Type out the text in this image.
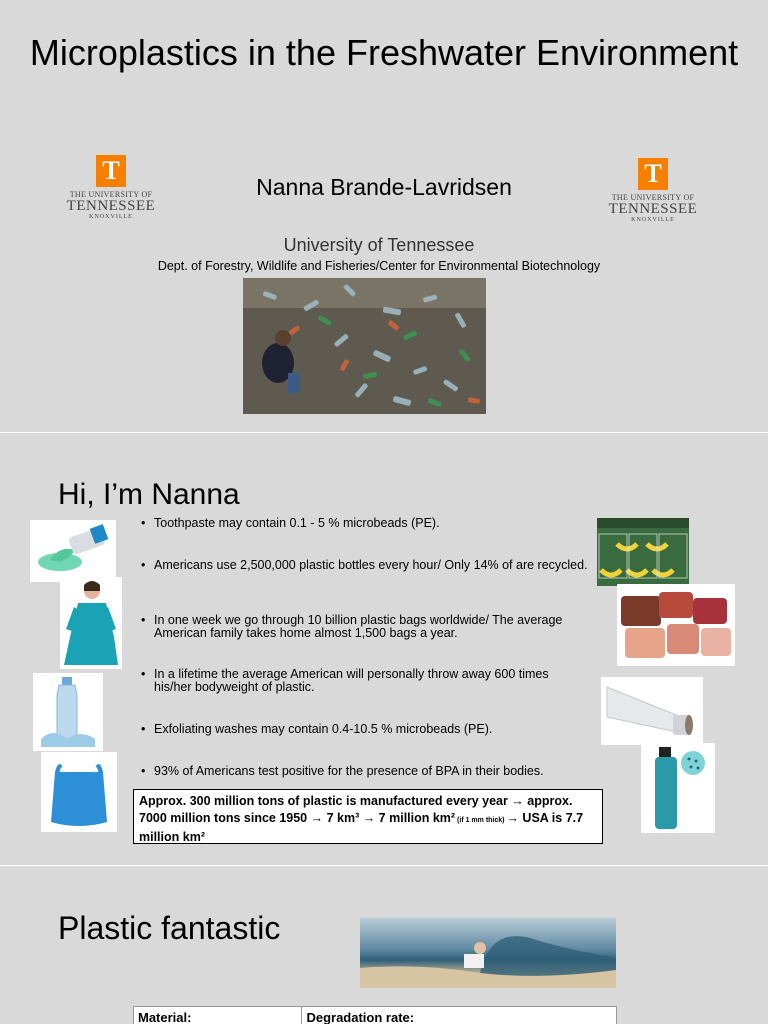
Microplastics in the Freshwater Environment
T
THE UNIVERSITY OF
TENNESSEE
KNOXVILLE
T
THE UNIVERSITY OF
TENNESSEE
KNOXVILLE
Nanna Brande-Lavridsen
University of Tennessee
Dept. of Forestry, Wildlife and Fisheries/Center for Environmental Biotechnology
Hi, I’m Nanna
• Toothpaste may contain 0.1 - 5 % microbeads (PE).
• Americans use 2,500,000 plastic bottles every hour/ Only 14% of are recycled.
• In one week we go through 10 billion plastic bags worldwide/ The average American family takes home almost 1,500 bags a year.
• In a lifetime the average American will personally throw away 600 times his/her bodyweight of plastic.
• Exfoliating washes may contain 0.4-10.5 % microbeads (PE).
• 93% of Americans test positive for the presence of BPA in their bodies.
Approx. 300 million tons of plastic is manufactured every year → approx. 7000 million tons since 1950 → 7 km³ → 7 million km² (if 1 mm thick) → USA is 7.7 million km²
Plastic fantastic
Material:	Degradation rate:
